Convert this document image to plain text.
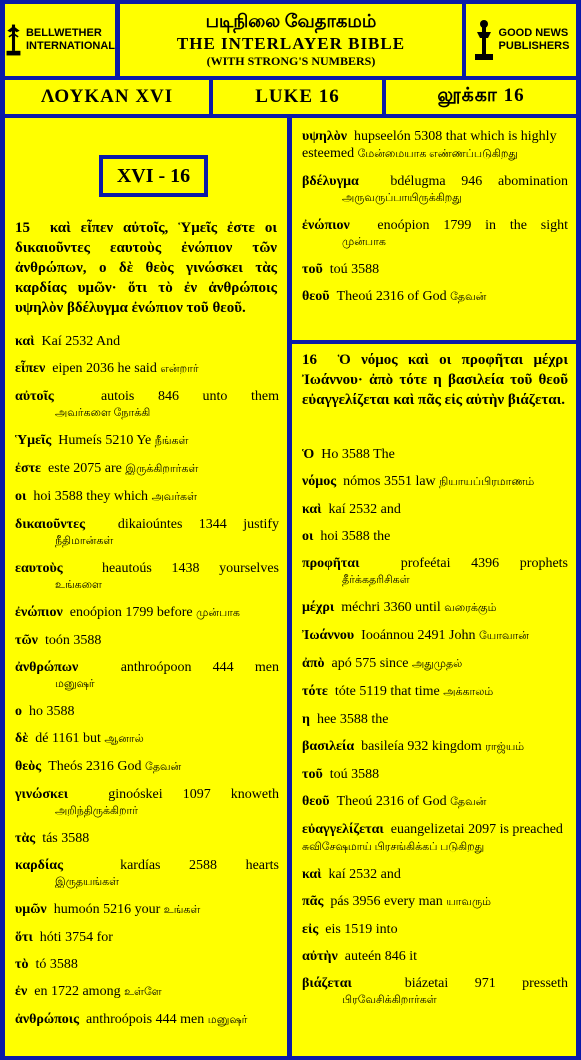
BELLWETHER
INTERNATIONAL
படிநிலை வேதாகமம்
THE INTERLAYER BIBLE
(WITH STRONG'S NUMBERS)
GOOD NEWS
PUBLISHERS
ΛΟΥΚΑΝ XVI	LUKE 16	லூக்கா 16
XVI - 16

15 καὶ εἶπεν αὐτοῖς, Ὑμεῖς ἐστε οι δικαιοῦντες εαυτοὺς ἐνώπιον τῶν ἀνθρώπων, ο δὲ θεὸς γινώσκει τὰς καρδίας υμῶν· ὅτι τὸ ἐν ἀνθρώποις υψηλὸν βδέλυγμα ἐνώπιον τοῦ θεοῦ.

καὶ Kaí 2532 And

εἶπεν eipen 2036 he said என்றார்

αὐτοῖς	autois 846 unto them
அவர்களை நோக்கி

Ὑμεῖς Humeís 5210 Ye நீங்கள்

ἐστε este 2075 are இருக்கிறார்கள்

οι hoi 3588 they which அவர்கள்

δικαιοῦντες dikaioúntes 1344 justify
நீதிமான்கள்

εαυτοὺς	heautoús 1438 yourselves
உங்களை

ἐνώπιον enoópion 1799 before முன்பாக

τῶν toón 3588

ἀνθρώπων	anthroópoon 444 men
மனுஷர்

ο ho 3588

δὲ dé 1161 but ஆனால்

θεὸς Theós 2316 God தேவன்

γινώσκει	ginoóskei 1097 knoweth
அறிந்திருக்கிறார்

τὰς tás 3588

καρδίας	kardías 2588 hearts
இருதயங்கள்

υμῶν humoón 5216 your உங்கள்

ὅτι hóti 3754 for

τὸ tó 3588

ἐν en 1722 among உள்ளே

ἀνθρώποις anthroópois 444 men மனுஷர்

υψηλὸν hupseelón 5308 that which is highly esteemed மேன்மையாக எண்ணப்படுகிறது

βδέλυγμα bdélugma 946 abomination
அருவருப்பாயிருக்கிறது

ἐνώπιον enoópion 1799 in the sight
முன்பாக

τοῦ toú 3588

θεοῦ Theoú 2316 of God தேவன்

16 Ὁ νόμος καὶ οι προφῆται μέχρι Ἰωάννου· ἀπὸ τότε η βασιλεία τοῦ θεοῦ εὐαγγελίζεται καὶ πᾶς εἰς αὐτὴν βιάζεται.

Ὁ Ho 3588 The

νόμος nómos 3551 law நியாயப்பிரமாணம்

καὶ kaí 2532 and

οι hoi 3588 the

προφῆται	profeétai 4396 prophets
தீர்க்கதரிசிகள்

μέχρι méchri 3360 until வரைக்கும்

Ἰωάννου Iooánnou 2491 John யோவான்

ἀπὸ apó 575 since அதுமுதல்

τότε tóte 5119 that time அக்காலம்

η hee 3588 the

βασιλεία basileía 932 kingdom ராஜ்யம்

τοῦ toú 3588

θεοῦ Theoú 2316 of God தேவன்

εὐαγγελίζεται euangelizetai 2097 is preached சுவிசேஷமாய் பிரசங்கிக்கப் படுகிறது

καὶ kaí 2532 and

πᾶς pás 3956 every man யாவரும்

εἰς eis 1519 into

αὐτὴν auteén 846 it

βιάζεται	biázetai 971 presseth
பிரவேசிக்கிறார்கள்
